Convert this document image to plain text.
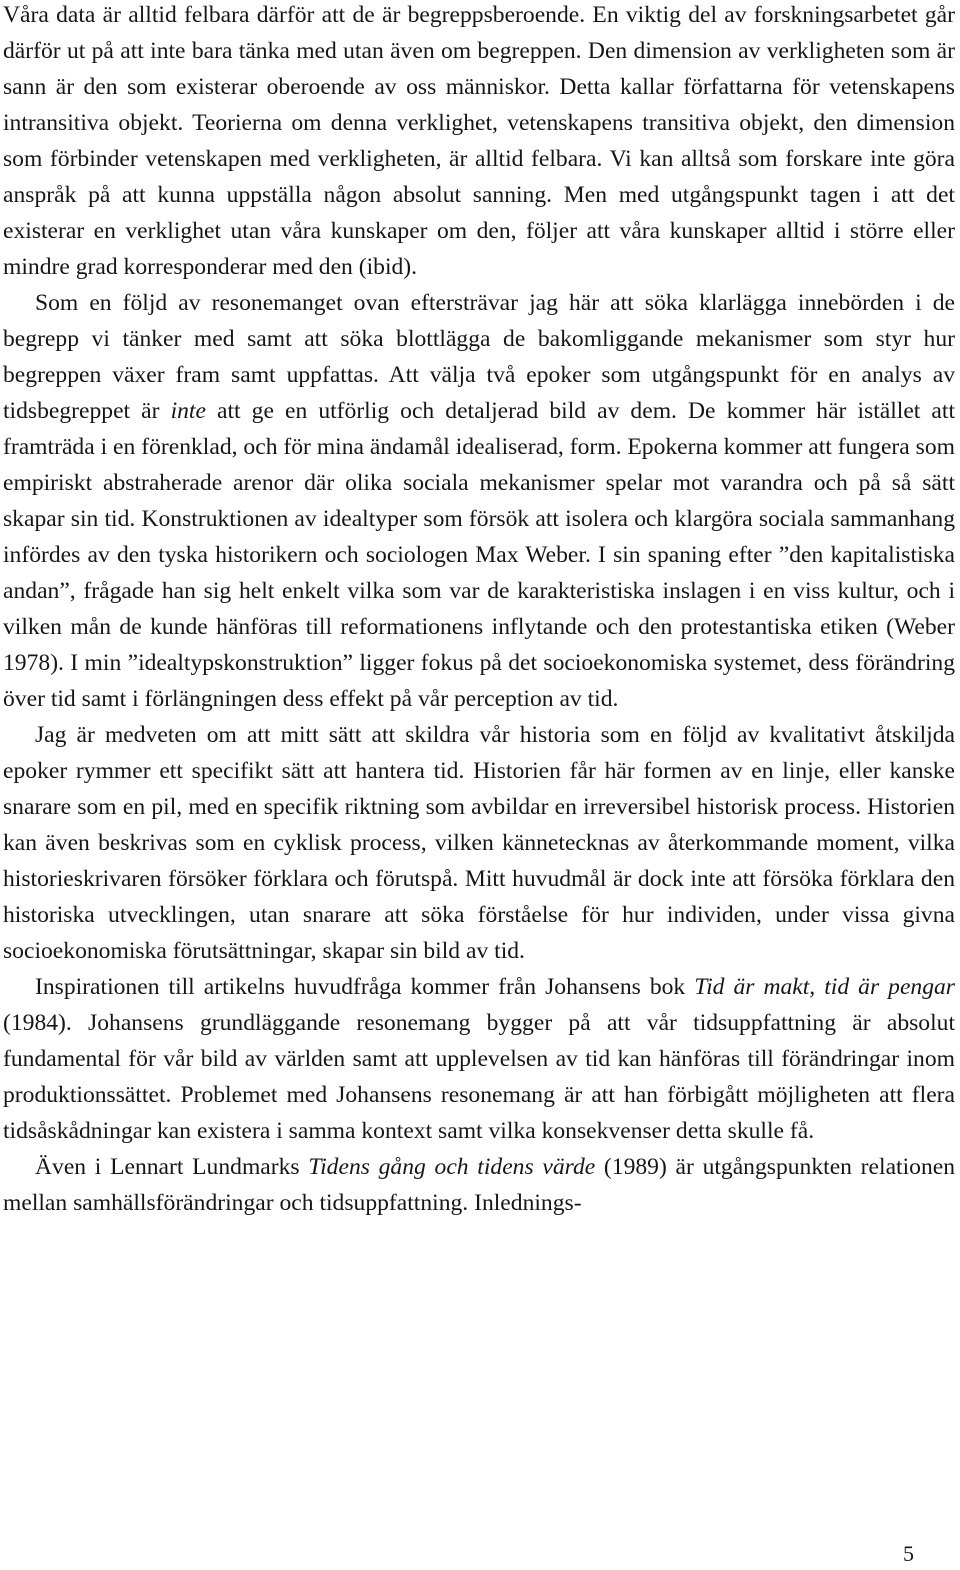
Våra data är alltid felbara därför att de är begreppsberoende. En viktig del av forskningsarbetet går därför ut på att inte bara tänka med utan även om begreppen. Den dimension av verkligheten som är sann är den som existerar oberoende av oss människor. Detta kallar författarna för vetenskapens intransitiva objekt. Teorierna om denna verklighet, vetenskapens transitiva objekt, den dimension som förbinder vetenskapen med verkligheten, är alltid felbara. Vi kan alltså som forskare inte göra anspråk på att kunna uppställa någon absolut sanning. Men med utgångspunkt tagen i att det existerar en verklighet utan våra kunskaper om den, följer att våra kunskaper alltid i större eller mindre grad korresponderar med den (ibid).

Som en följd av resonemanget ovan eftersträvar jag här att söka klarlägga innebörden i de begrepp vi tänker med samt att söka blottlägga de bakomliggande mekanismer som styr hur begreppen växer fram samt uppfattas. Att välja två epoker som utgångspunkt för en analys av tidsbegreppet är inte att ge en utförlig och detaljerad bild av dem. De kommer här istället att framträda i en förenklad, och för mina ändamål idealiserad, form. Epokerna kommer att fungera som empiriskt abstraherade arenor där olika sociala mekanismer spelar mot varandra och på så sätt skapar sin tid. Konstruktionen av idealtyper som försök att isolera och klargöra sociala sammanhang infördes av den tyska historikern och sociologen Max Weber. I sin spaning efter ”den kapitalistiska andan”, frågade han sig helt enkelt vilka som var de karakteristiska inslagen i en viss kultur, och i vilken mån de kunde hänföras till reformationens inflytande och den protestantiska etiken (Weber 1978). I min ”idealtypskonstruktion” ligger fokus på det socioekonomiska systemet, dess förändring över tid samt i förlängningen dess effekt på vår perception av tid.

Jag är medveten om att mitt sätt att skildra vår historia som en följd av kvalitativt åtskiljda epoker rymmer ett specifikt sätt att hantera tid. Historien får här formen av en linje, eller kanske snarare som en pil, med en specifik riktning som avbildar en irreversibel historisk process. Historien kan även beskrivas som en cyklisk process, vilken kännetecknas av återkommande moment, vilka historieskrivaren försöker förklara och förutspå. Mitt huvudmål är dock inte att försöka förklara den historiska utvecklingen, utan snarare att söka förståelse för hur individen, under vissa givna socioekonomiska förutsättningar, skapar sin bild av tid.

Inspirationen till artikelns huvudfråga kommer från Johansens bok Tid är makt, tid är pengar (1984). Johansens grundläggande resonemang bygger på att vår tidsuppfattning är absolut fundamental för vår bild av världen samt att upplevelsen av tid kan hänföras till förändringar inom produktionssättet. Problemet med Johansens resonemang är att han förbigått möjligheten att flera tidsåskådningar kan existera i samma kontext samt vilka konsekvenser detta skulle få.

Även i Lennart Lundmarks Tidens gång och tidens värde (1989) är utgångspunkten relationen mellan samhällsförändringar och tidsuppfattning. Inlednings-

5
